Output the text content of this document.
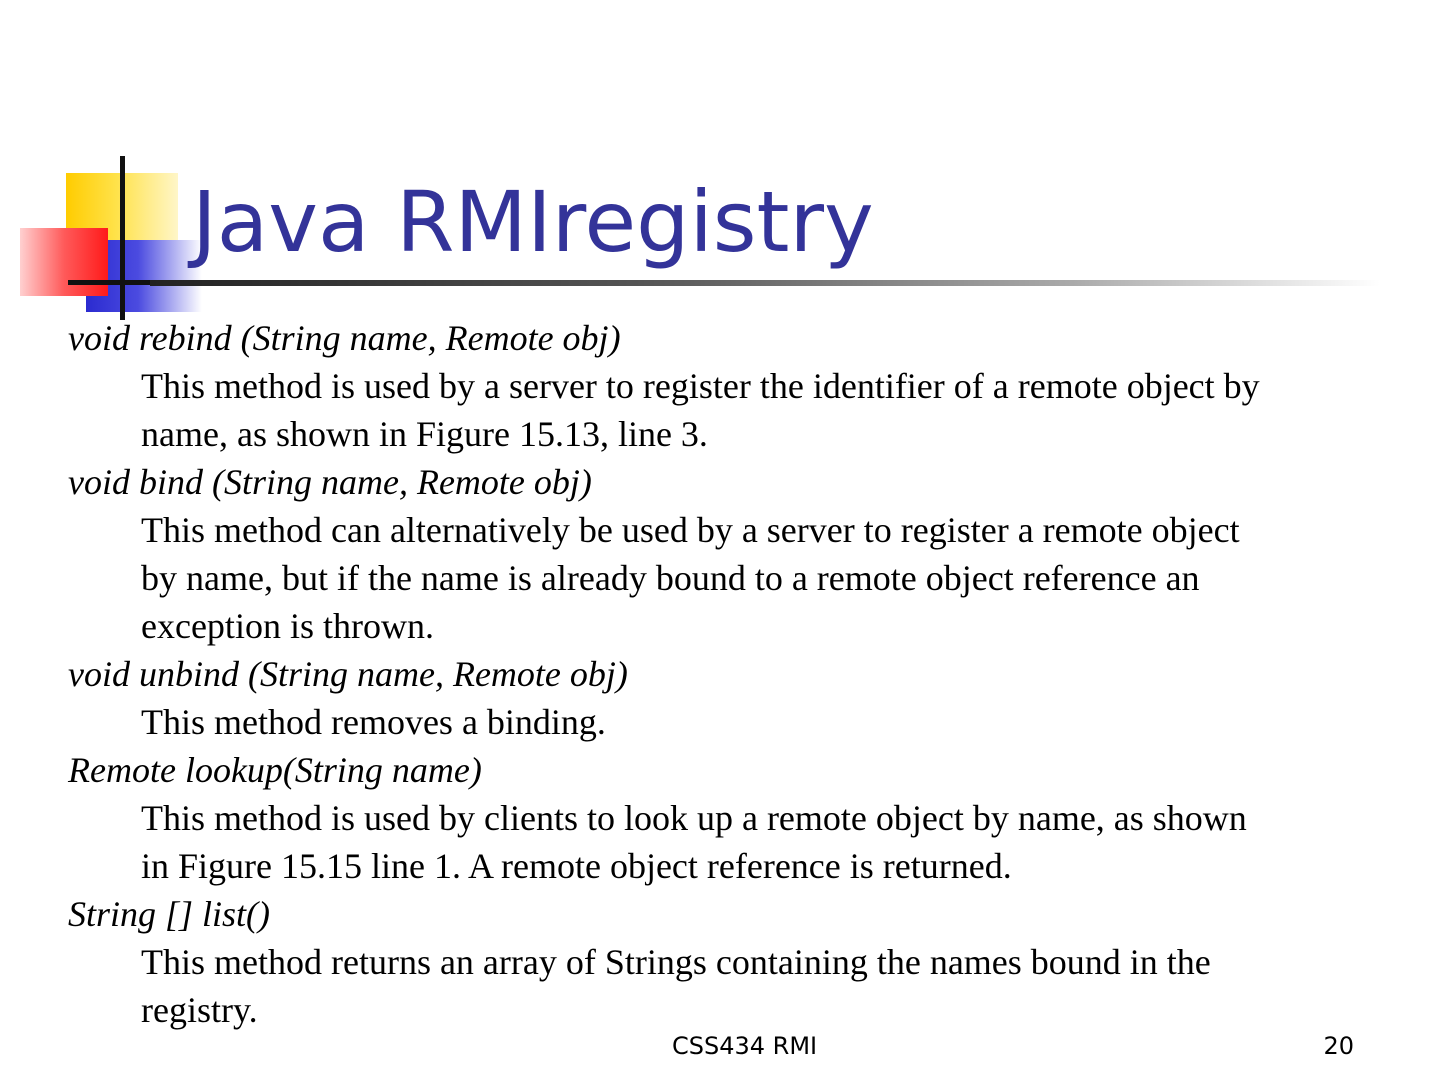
Java RMIregistry
void rebind (String name, Remote obj)
This method is used by a server to register the identifier of a remote object by
name, as shown in Figure 15.13, line 3.
void bind (String name, Remote obj)
This method can alternatively be used by a server to register a remote object
by name, but if the name is already bound to a remote object reference an
exception is thrown.
void unbind (String name, Remote obj)
This method removes a binding.
Remote lookup(String name)
This method is used by clients to look up a remote object by name, as shown
in Figure 15.15 line 1. A remote object reference is returned.
String [] list()
This method returns an array of Strings containing the names bound in the
registry.
CSS434 RMI	20
